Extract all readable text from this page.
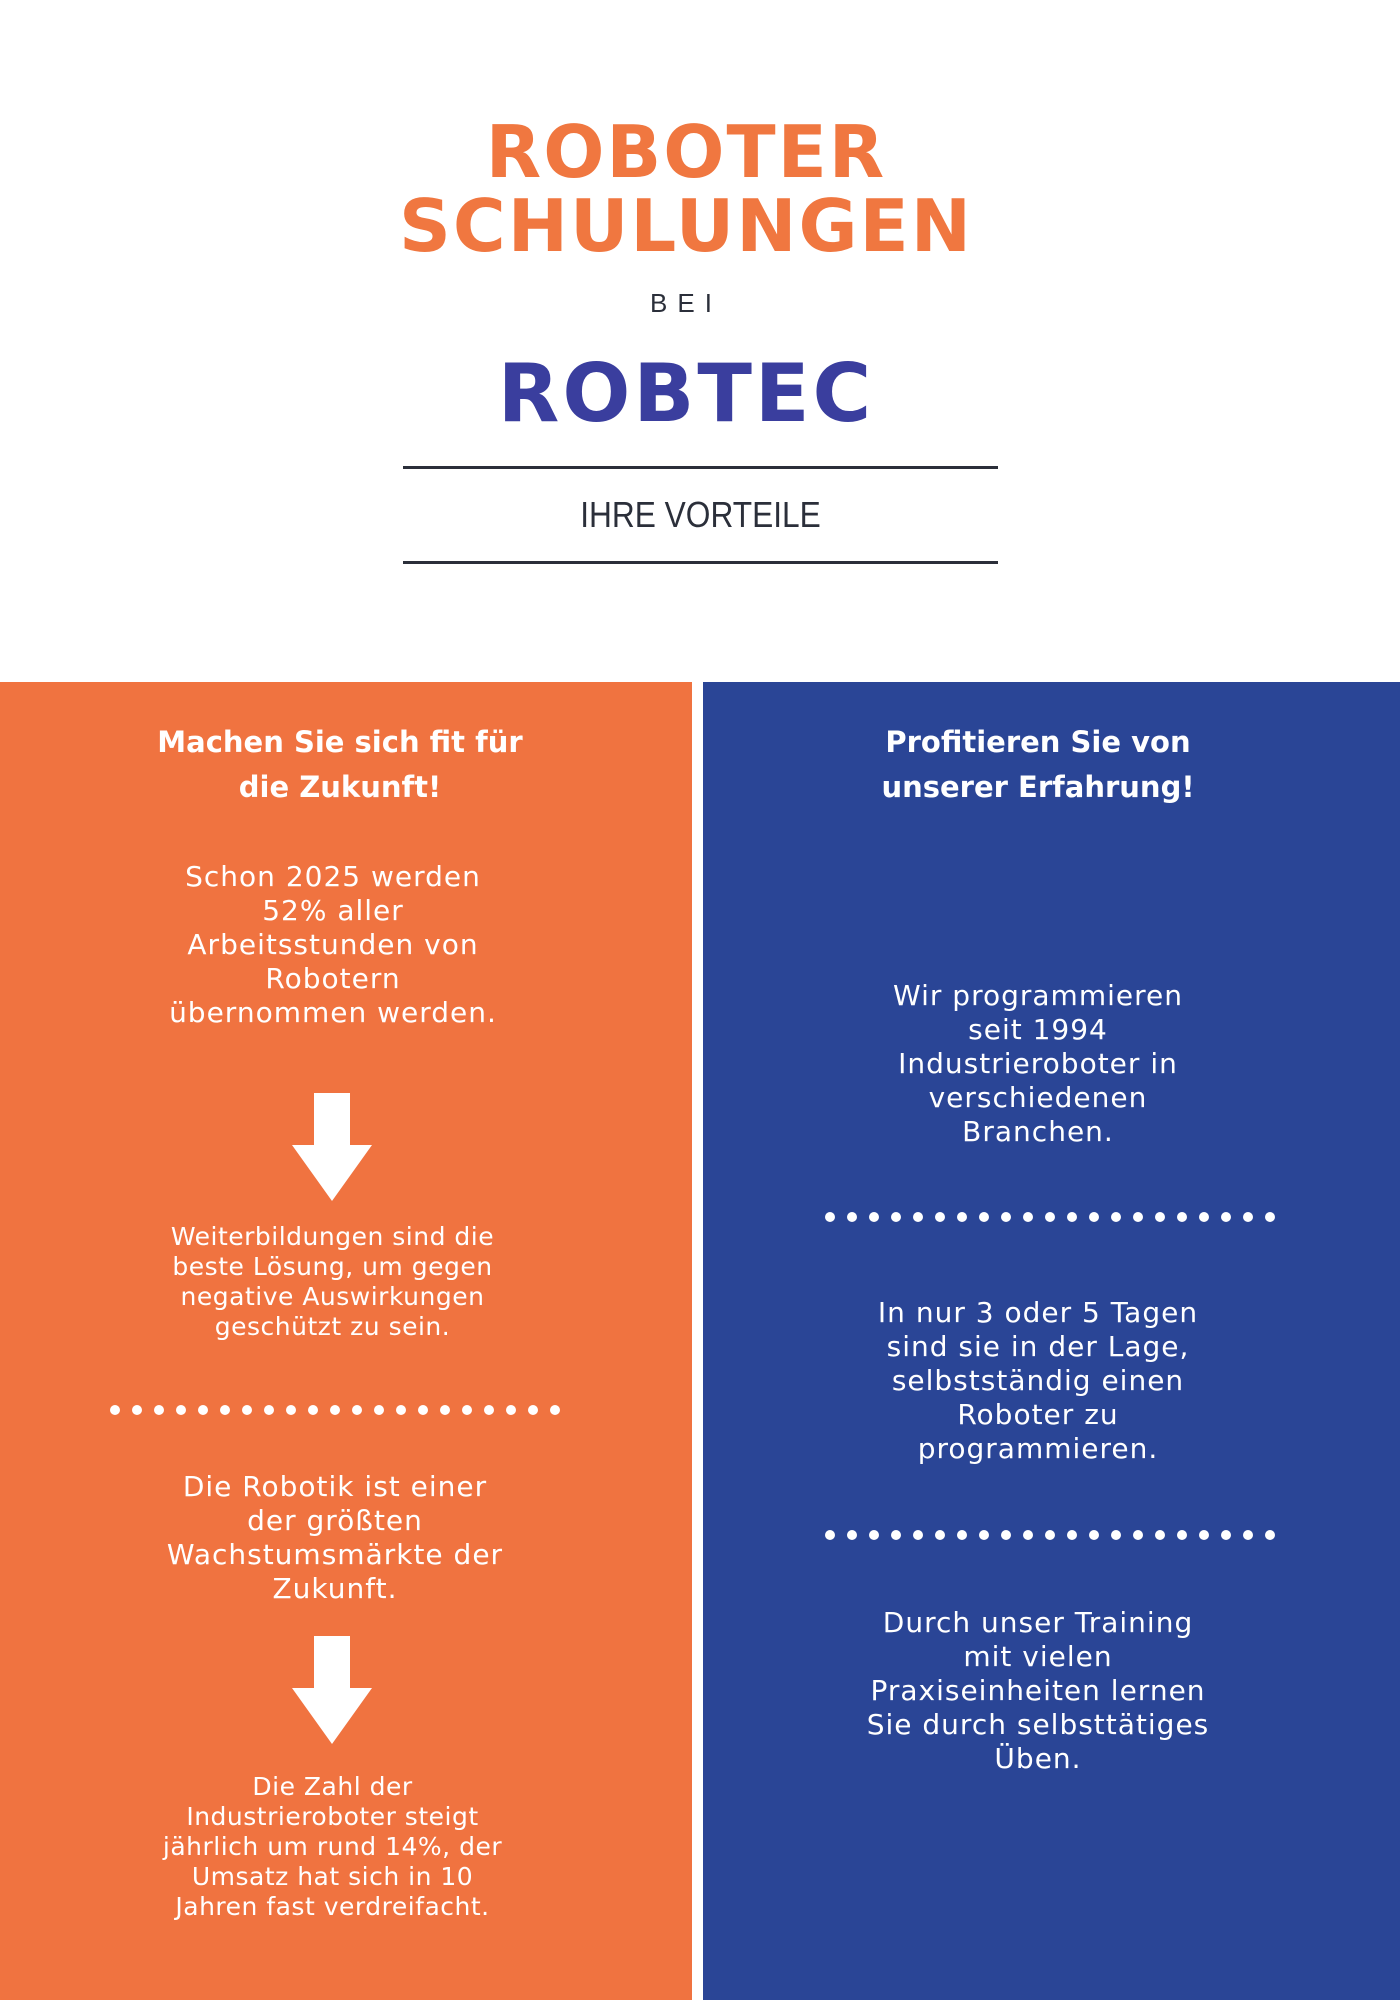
ROBOTER
SCHULUNGEN
BEI
ROBTEC
IHRE VORTEILE
Machen Sie sich fit für die Zukunft!
Schon 2025 werden 52% aller Arbeitsstunden von Robotern übernommen werden.
Weiterbildungen sind die beste Lösung, um gegen negative Auswirkungen geschützt zu sein.
Die Robotik ist einer der größten Wachstumsmärkte der Zukunft.
Die Zahl der Industrieroboter steigt jährlich um rund 14%, der Umsatz hat sich in 10 Jahren fast verdreifacht.
Profitieren Sie von unserer Erfahrung!
Wir programmieren seit 1994 Industrieroboter in verschiedenen Branchen.
In nur 3 oder 5 Tagen sind sie in der Lage, selbstständig einen Roboter zu programmieren.
Durch unser Training mit vielen Praxiseinheiten lernen Sie durch selbsttätiges Üben.
